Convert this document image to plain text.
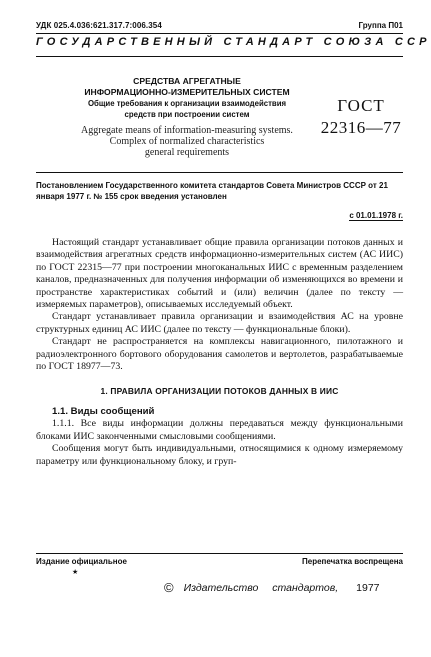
УДК 025.4.036:621.317.7:006.354	Группа П01
ГОСУДАРСТВЕННЫЙ СТАНДАРТ СОЮЗА ССР
СРЕДСТВА АГРЕГАТНЫЕ
ИНФОРМАЦИОННО-ИЗМЕРИТЕЛЬНЫХ СИСТЕМ
Общие требования к организации взаимодействия
средств при построении систем
Aggregate means of information-measuring systems.
Complex of normalized characteristics
general requirements
ГОСТ
22316—77
Постановлением Государственного комитета стандартов Совета Министров СССР от 21 января 1977 г. № 155 срок введения установлен
с 01.01.1978 г.

Настоящий стандарт устанавливает общие правила организации потоков данных и взаимодействия агрегатных средств информационно-измерительных систем (АС ИИС) по ГОСТ 22315—77 при построении многоканальных ИИС с временным разделением каналов, предназначенных для получения информации об изменяющихся во времени и пространстве характеристиках событий и (или) величин (далее по тексту — измеряемых параметров), описываемых исследуемый объект.

Стандарт устанавливает правила организации и взаимодействия АС на уровне структурных единиц АС ИИС (далее по тексту — функциональные блоки).

Стандарт не распространяется на комплексы навигационного, пилотажного и радиоэлектронного бортового оборудования самолетов и вертолетов, разрабатываемые по ГОСТ 18977—73.

1. ПРАВИЛА ОРГАНИЗАЦИИ ПОТОКОВ ДАННЫХ В ИИС

1.1. Виды сообщений

1.1.1. Все виды информации должны передаваться между функциональными блоками ИИС законченными смысловыми сообщениями.

Сообщения могут быть индивидуальными, относящимися к одному измеряемому параметру или функциональному блоку, и груп-

Издание официальное	Перепечатка воспрещена
★
© Издательство стандартов, 1977
